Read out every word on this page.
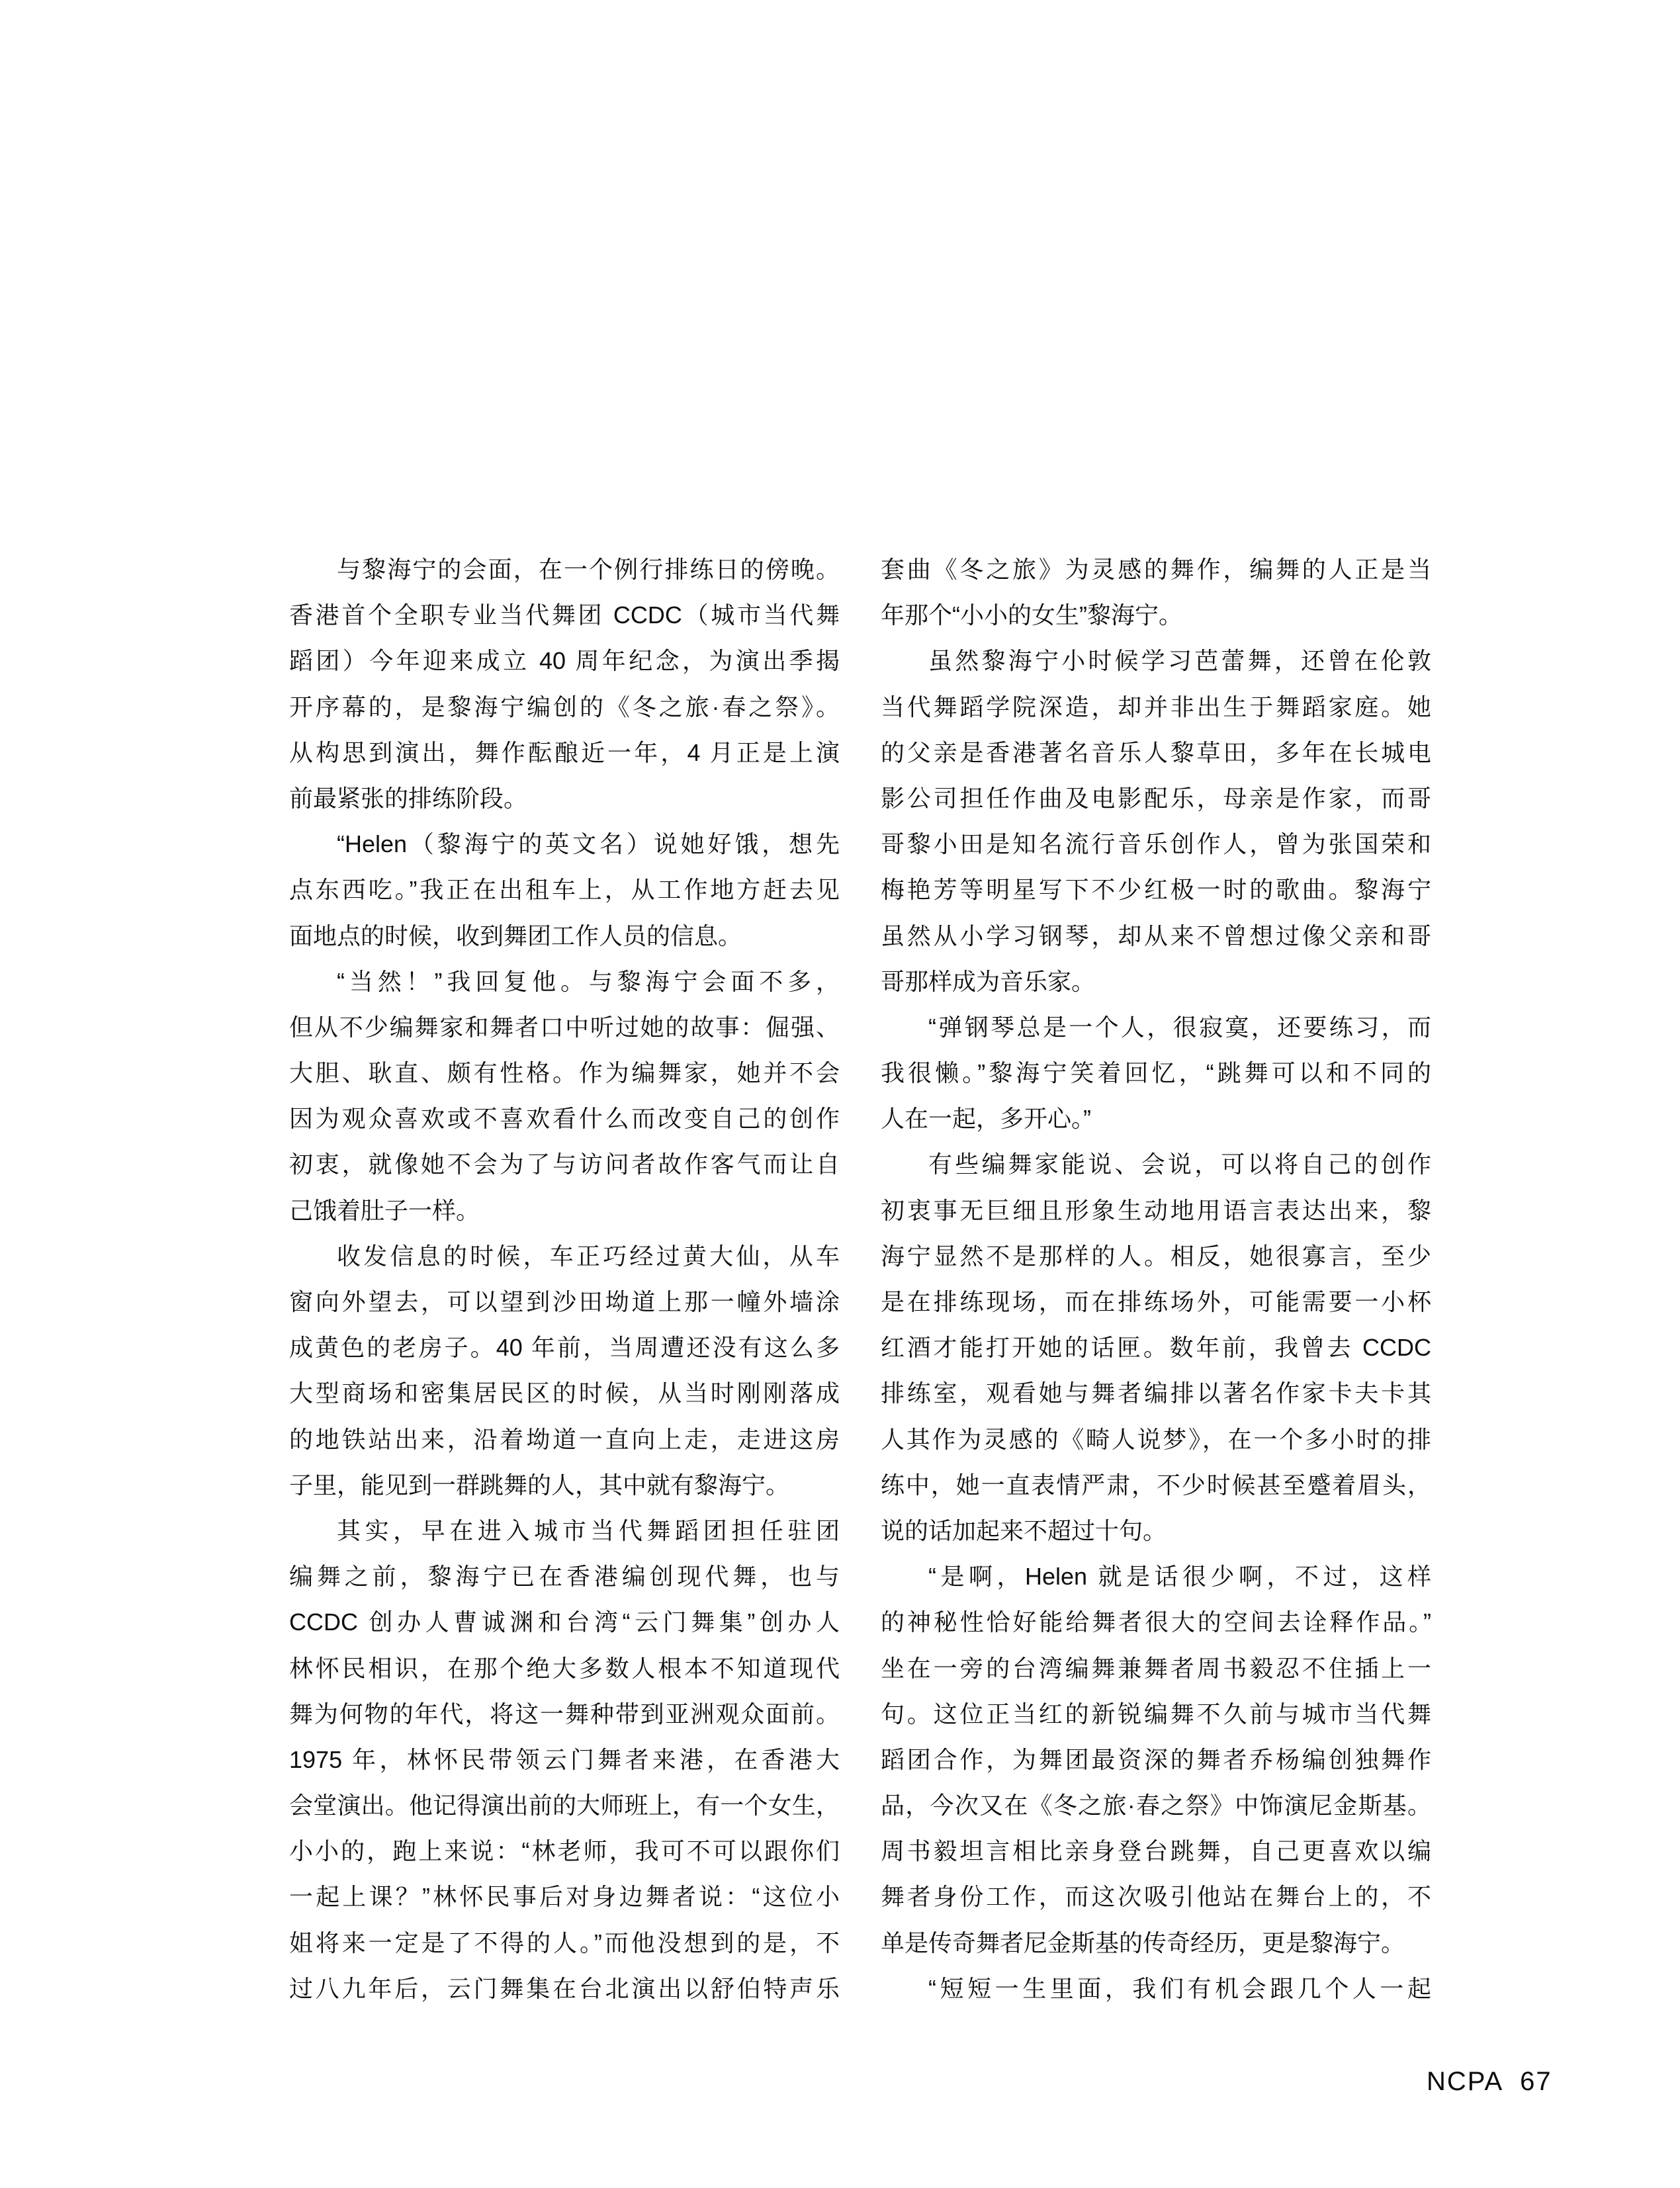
与黎海宁的会面，在一个例行排练日的傍晚。
香港首个全职专业当代舞团 CCDC（城市当代舞
蹈团）今年迎来成立 40 周年纪念，为演出季揭
开序幕的，是黎海宁编创的《冬之旅·春之祭》。
从构思到演出，舞作酝酿近一年，4 月正是上演
前最紧张的排练阶段。
“Helen（黎海宁的英文名）说她好饿，想先
点东西吃。”我正在出租车上，从工作地方赶去见
面地点的时候，收到舞团工作人员的信息。
“当然！”我回复他。与黎海宁会面不多，
但从不少编舞家和舞者口中听过她的故事：倔强、
大胆、耿直、颇有性格。作为编舞家，她并不会
因为观众喜欢或不喜欢看什么而改变自己的创作
初衷，就像她不会为了与访问者故作客气而让自
己饿着肚子一样。
收发信息的时候，车正巧经过黄大仙，从车
窗向外望去，可以望到沙田坳道上那一幢外墙涂
成黄色的老房子。40 年前，当周遭还没有这么多
大型商场和密集居民区的时候，从当时刚刚落成
的地铁站出来，沿着坳道一直向上走，走进这房
子里，能见到一群跳舞的人，其中就有黎海宁。
其实，早在进入城市当代舞蹈团担任驻团
编舞之前，黎海宁已在香港编创现代舞，也与
CCDC 创办人曹诚渊和台湾“云门舞集”创办人
林怀民相识，在那个绝大多数人根本不知道现代
舞为何物的年代，将这一舞种带到亚洲观众面前。
1975 年，林怀民带领云门舞者来港，在香港大
会堂演出。他记得演出前的大师班上，有一个女生，
小小的，跑上来说：“林老师，我可不可以跟你们
一起上课？”林怀民事后对身边舞者说：“这位小
姐将来一定是了不得的人。”而他没想到的是，不
过八九年后，云门舞集在台北演出以舒伯特声乐
套曲《冬之旅》为灵感的舞作，编舞的人正是当
年那个“小小的女生”黎海宁。
虽然黎海宁小时候学习芭蕾舞，还曾在伦敦
当代舞蹈学院深造，却并非出生于舞蹈家庭。她
的父亲是香港著名音乐人黎草田，多年在长城电
影公司担任作曲及电影配乐，母亲是作家，而哥
哥黎小田是知名流行音乐创作人，曾为张国荣和
梅艳芳等明星写下不少红极一时的歌曲。黎海宁
虽然从小学习钢琴，却从来不曾想过像父亲和哥
哥那样成为音乐家。
“弹钢琴总是一个人，很寂寞，还要练习，而
我很懒。”黎海宁笑着回忆，“跳舞可以和不同的
人在一起，多开心。”
有些编舞家能说、会说，可以将自己的创作
初衷事无巨细且形象生动地用语言表达出来，黎
海宁显然不是那样的人。相反，她很寡言，至少
是在排练现场，而在排练场外，可能需要一小杯
红酒才能打开她的话匣。数年前，我曾去 CCDC
排练室，观看她与舞者编排以著名作家卡夫卡其
人其作为灵感的《畸人说梦》，在一个多小时的排
练中，她一直表情严肃，不少时候甚至蹙着眉头，
说的话加起来不超过十句。
“是啊，Helen 就是话很少啊，不过，这样
的神秘性恰好能给舞者很大的空间去诠释作品。”
坐在一旁的台湾编舞兼舞者周书毅忍不住插上一
句。这位正当红的新锐编舞不久前与城市当代舞
蹈团合作，为舞团最资深的舞者乔杨编创独舞作
品，今次又在《冬之旅·春之祭》中饰演尼金斯基。
周书毅坦言相比亲身登台跳舞，自己更喜欢以编
舞者身份工作，而这次吸引他站在舞台上的，不
单是传奇舞者尼金斯基的传奇经历，更是黎海宁。
“短短一生里面，我们有机会跟几个人一起
NCPA 67
